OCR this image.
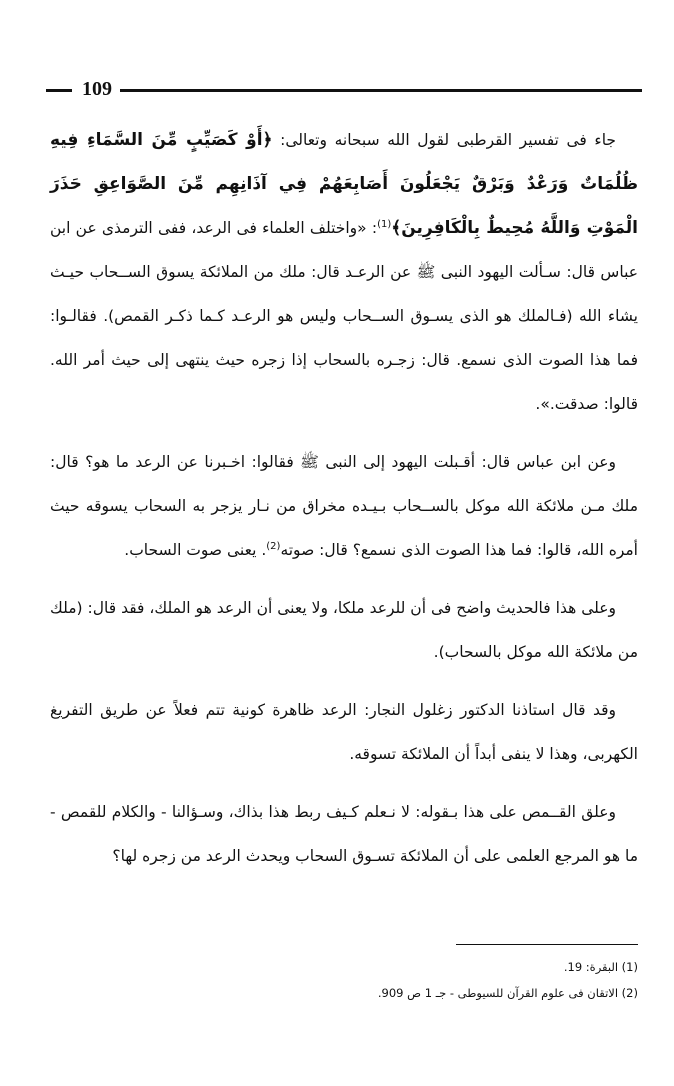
109

جاء فى تفسير القرطبى لقول الله سبحانه وتعالى: ﴿أَوْ كَصَيِّبٍ مِّنَ السَّمَاءِ فِيهِ ظُلُمَاتٌ وَرَعْدٌ وَبَرْقٌ يَجْعَلُونَ أَصَابِعَهُمْ فِي آذَانِهِم مِّنَ الصَّوَاعِقِ حَذَرَ الْمَوْتِ وَاللَّهُ مُحِيطٌ بِالْكَافِرِينَ﴾$^{(1)}$: «واختلف العلماء فى الرعد، ففى الترمذى عن ابن عباس قال: سـألت اليهود النبى ﷺ عن الرعـد قال: ملك من الملائكة يسوق الســحاب حيـث يشاء الله (فـالملك هو الذى يسـوق الســحاب وليس هو الرعـد كـما ذكـر القمص). فقالـوا: فما هذا الصوت الذى نسمع. قال: زجـره بالسحاب إذا زجره حيث ينتهى إلى حيث أمر الله. قالوا: صدقت.».

وعن ابن عباس قال: أقـبلت اليهود إلى النبى ﷺ فقالوا: اخـبرنا عن الرعد ما هو؟ قال: ملك مـن ملائكة الله موكل بالســحاب بـيـده مخراق من نـار يزجر به السحاب يسوقه حيث أمره الله، قالوا: فما هذا الصوت الذى نسمع؟ قال: صوته$^{(2)}$. يعنى صوت السحاب.

وعلى هذا فالحديث واضح فى أن للرعد ملكا، ولا يعنى أن الرعد هو الملك، فقد قال: (ملك من ملائكة الله موكل بالسحاب).

وقد قال استاذنا الدكتور زغلول النجار: الرعد ظاهرة كونية تتم فعلاً عن طريق التفريغ الكهربى، وهذا لا ينفى أبداً أن الملائكة تسوقه.

وعلق القــمص على هذا بـقوله: لا نـعلم كـيف ربط هذا بذاك، وسـؤالنا - والكلام للقمص - ما هو المرجع العلمى على أن الملائكة تسـوق السحاب ويحدث الرعد من زجره لها؟

(1) البقرة: 19.
(2) الاتقان فى علوم القرآن للسيوطى - جـ 1 ص 909.
